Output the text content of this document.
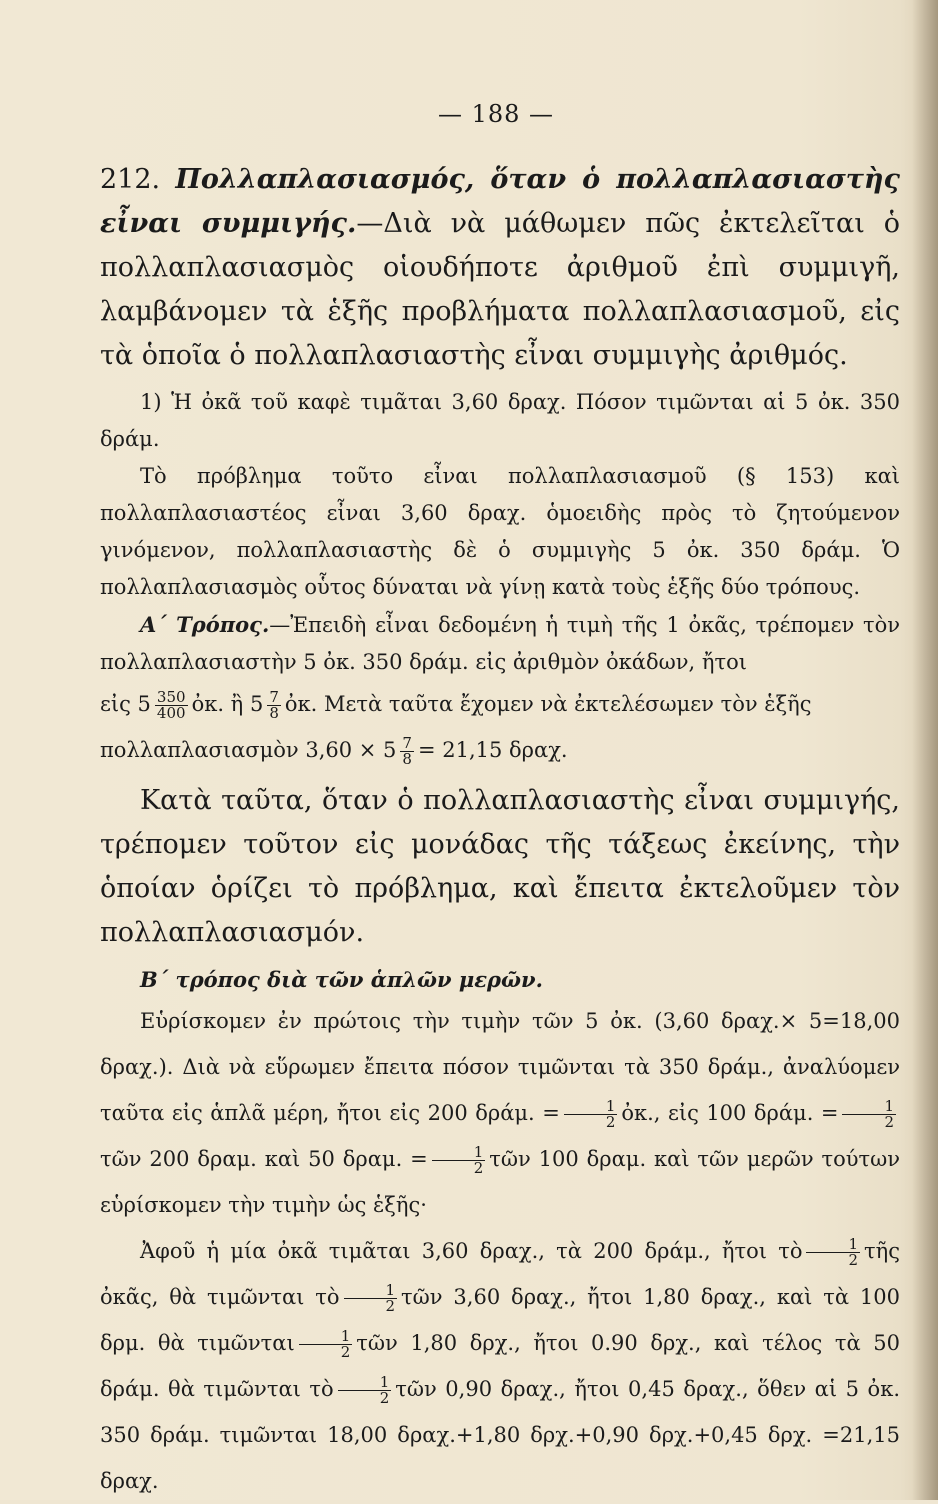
— 188 —

212. Πολλαπλασιασμός, ὅταν ὁ πολλαπλασιαστὴς εἶναι συμμιγής.—Διὰ νὰ μάθωμεν πῶς ἐκτελεῖται ὁ πολλαπλασιασμὸς οἱουδήποτε ἀριθμοῦ ἐπὶ συμμιγῆ, λαμβάνομεν τὰ ἑξῆς προβλήματα πολλαπλασιασμοῦ, εἰς τὰ ὁποῖα ὁ πολλαπλασιαστὴς εἶναι συμμιγὴς ἀριθμός.

1) Ἡ ὀκᾶ τοῦ καφὲ τιμᾶται 3,60 δραχ. Πόσον τιμῶνται αἱ 5 ὀκ. 350 δράμ.

Τὸ πρόβλημα τοῦτο εἶναι πολλαπλασιασμοῦ (§ 153) καὶ πολλαπλασιαστέος εἶναι 3,60 δραχ. ὁμοειδὴς πρὸς τὸ ζητούμενον γινόμενον, πολλαπλασιαστὴς δὲ ὁ συμμιγὴς 5 ὀκ. 350 δράμ. Ὁ πολλαπλασιασμὸς οὗτος δύναται νὰ γίνῃ κατὰ τοὺς ἑξῆς δύο τρόπους.

Α΄ Τρόπος.—Ἐπειδὴ εἶναι δεδομένη ἡ τιμὴ τῆς 1 ὀκᾶς, τρέπομεν τὸν πολλαπλασιαστὴν 5 ὀκ. 350 δράμ. εἰς ἀριθμὸν ὀκάδων, ἤτοι

εἰς $5 \frac{350}{400}$ ὀκ. ἢ $5 \frac{7}{8}$ ὀκ. Μετὰ ταῦτα ἔχομεν νὰ ἐκτελέσωμεν τὸν ἑξῆς

πολλαπλασιασμὸν $3,60 \times 5 \frac{7}{8} = 21,15$ δραχ.

Κατὰ ταῦτα, ὅταν ὁ πολλαπλασιαστὴς εἶναι συμμιγής, τρέπομεν τοῦτον εἰς μονάδας τῆς τάξεως ἐκείνης, τὴν ὁποίαν ὁρίζει τὸ πρόβλημα, καὶ ἔπειτα ἐκτελοῦμεν τὸν πολλαπλασιασμόν.

Β΄ τρόπος διὰ τῶν ἁπλῶν μερῶν.

Εὑρίσκομεν ἐν πρώτοις τὴν τιμὴν τῶν 5 ὀκ. (3,60 δραχ.× 5=18,00 δραχ.). Διὰ νὰ εὕρωμεν ἔπειτα πόσον τιμῶνται τὰ 350 δράμ., ἀναλύομεν ταῦτα εἰς ἁπλᾶ μέρη, ἤτοι εἰς 200 δράμ. = $\frac{1}{2}$ ὀκ., εἰς 100 δράμ. = $\frac{1}{2}$
τῶν 200 δραμ. καὶ 50 δραμ. = $\frac{1}{2}$ τῶν 100 δραμ. καὶ τῶν μερῶν τούτων εὑρίσκομεν τὴν τιμὴν ὡς ἑξῆς·

Ἀφοῦ ἡ μία ὀκᾶ τιμᾶται 3,60 δραχ., τὰ 200 δράμ., ἤτοι τὸ $\frac{1}{2}$ τῆς ὀκᾶς, θὰ τιμῶνται τὸ $\frac{1}{2}$ τῶν 3,60 δραχ., ἤτοι 1,80 δραχ., καὶ τὰ 100 δρμ. θὰ τιμῶνται $\frac{1}{2}$ τῶν 1,80 δρχ., ἤτοι 0.90 δρχ., καὶ τέλος τὰ 50 δράμ. θὰ τιμῶνται τὸ $\frac{1}{2}$ τῶν 0,90 δραχ., ἤτοι 0,45 δραχ., ὅθεν αἱ 5 ὀκ. 350 δράμ. τιμῶνται 18,00 δραχ.+1,80 δρχ.+0,90 δρχ.+0,45 δρχ. =21,15 δραχ.
